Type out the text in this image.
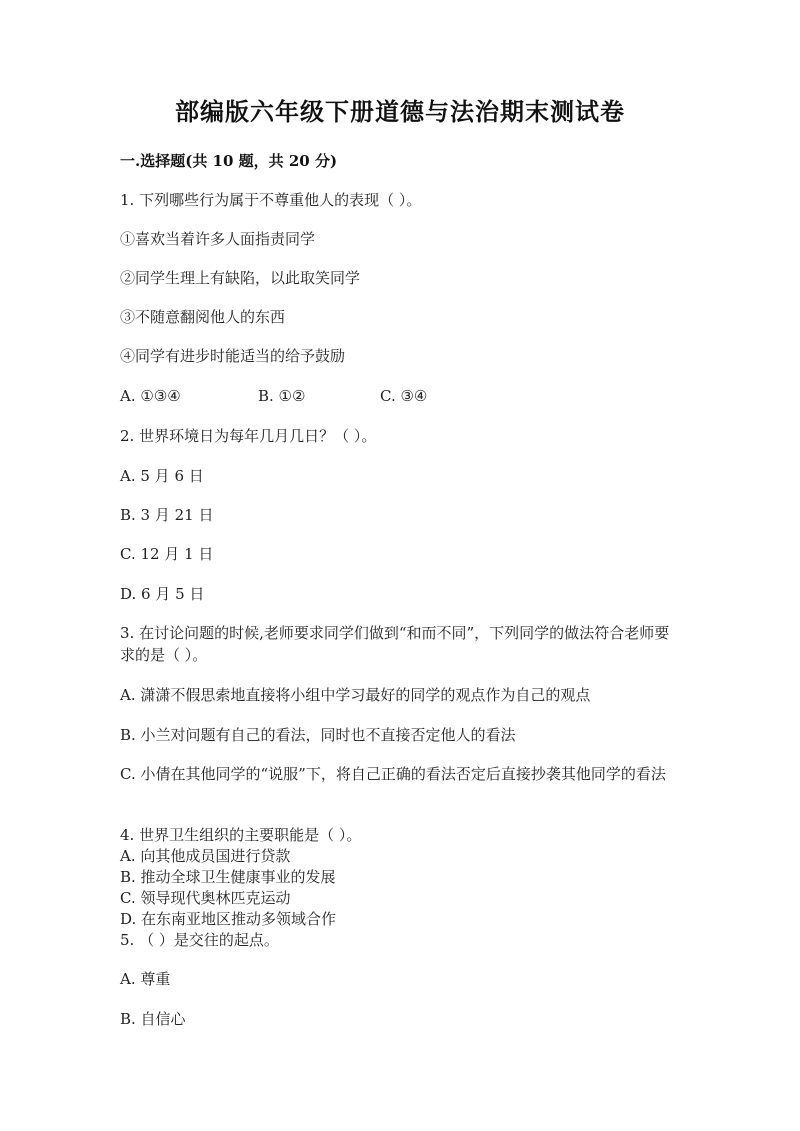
部编版六年级下册道德与法治期末测试卷
一.选择题(共 10 题，共 20 分)
1. 下列哪些行为属于不尊重他人的表现（ ）。
①喜欢当着许多人面指责同学
②同学生理上有缺陷，以此取笑同学
③不随意翻阅他人的东西
④同学有进步时能适当的给予鼓励
A. ①③④	B. ①②	C. ③④
2. 世界环境日为每年几月几日？（ ）。
A. 5 月 6 日
B. 3 月 21 日
C. 12 月 1 日
D. 6 月 5 日
3. 在讨论问题的时候,老师要求同学们做到“和而不同”，下列同学的做法符合老师要求的是（ ）。
A. 潇潇不假思索地直接将小组中学习最好的同学的观点作为自己的观点
B. 小兰对问题有自己的看法，同时也不直接否定他人的看法
C. 小倩在其他同学的“说服”下，将自己正确的看法否定后直接抄袭其他同学的看法
4. 世界卫生组织的主要职能是（ ）。
A. 向其他成员国进行贷款
B. 推动全球卫生健康事业的发展
C. 领导现代奥林匹克运动
D. 在东南亚地区推动多领域合作
5. （ ）是交往的起点。
A. 尊重
B. 自信心
